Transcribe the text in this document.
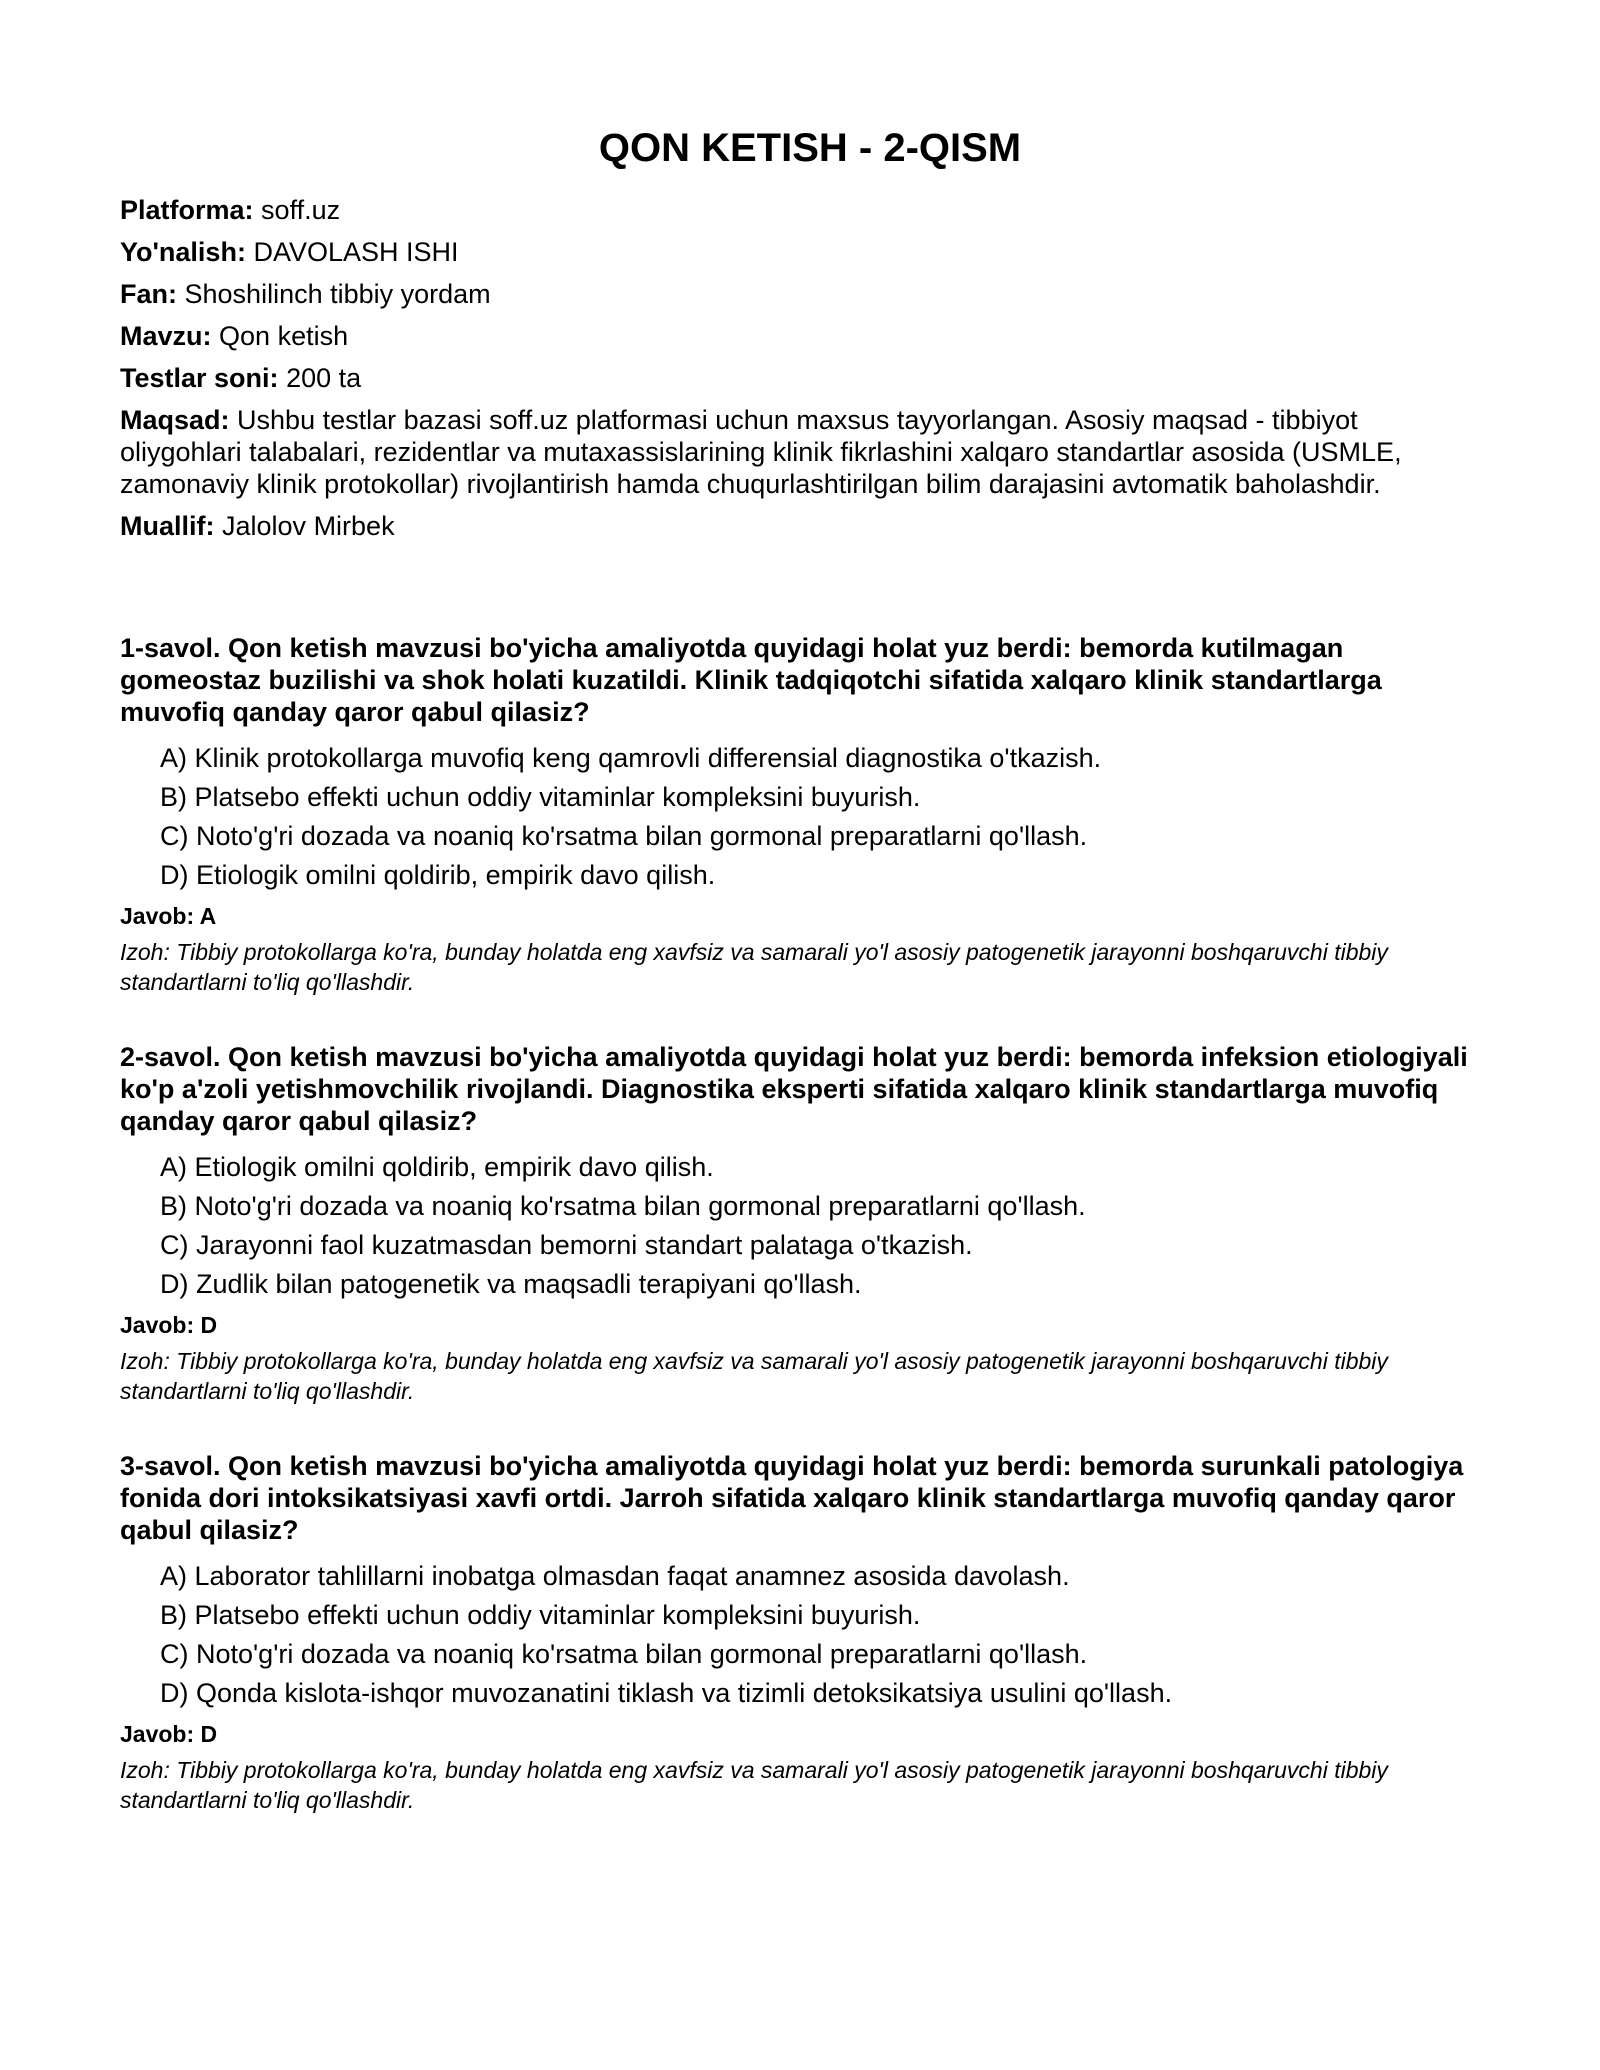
QON KETISH - 2-QISM

Platforma: soff.uz

Yo'nalish: DAVOLASH ISHI

Fan: Shoshilinch tibbiy yordam

Mavzu: Qon ketish

Testlar soni: 200 ta

Maqsad: Ushbu testlar bazasi soff.uz platformasi uchun maxsus tayyorlangan. Asosiy maqsad - tibbiyot oliygohlari talabalari, rezidentlar va mutaxassislarining klinik fikrlashini xalqaro standartlar asosida (USMLE, zamonaviy klinik protokollar) rivojlantirish hamda chuqurlashtirilgan bilim darajasini avtomatik baholashdir.

Muallif: Jalolov Mirbek

1-savol. Qon ketish mavzusi bo'yicha amaliyotda quyidagi holat yuz berdi: bemorda kutilmagan gomeostaz buzilishi va shok holati kuzatildi. Klinik tadqiqotchi sifatida xalqaro klinik standartlarga muvofiq qanday qaror qabul qilasiz?

A) Klinik protokollarga muvofiq keng qamrovli differensial diagnostika o'tkazish.
B) Platsebo effekti uchun oddiy vitaminlar kompleksini buyurish.
C) Noto'g'ri dozada va noaniq ko'rsatma bilan gormonal preparatlarni qo'llash.
D) Etiologik omilni qoldirib, empirik davo qilish.

Javob: A

Izoh: Tibbiy protokollarga ko'ra, bunday holatda eng xavfsiz va samarali yo'l asosiy patogenetik jarayonni boshqaruvchi tibbiy standartlarni to'liq qo'llashdir.

2-savol. Qon ketish mavzusi bo'yicha amaliyotda quyidagi holat yuz berdi: bemorda infeksion etiologiyali ko'p a'zoli yetishmovchilik rivojlandi. Diagnostika eksperti sifatida xalqaro klinik standartlarga muvofiq qanday qaror qabul qilasiz?

A) Etiologik omilni qoldirib, empirik davo qilish.
B) Noto'g'ri dozada va noaniq ko'rsatma bilan gormonal preparatlarni qo'llash.
C) Jarayonni faol kuzatmasdan bemorni standart palataga o'tkazish.
D) Zudlik bilan patogenetik va maqsadli terapiyani qo'llash.

Javob: D

Izoh: Tibbiy protokollarga ko'ra, bunday holatda eng xavfsiz va samarali yo'l asosiy patogenetik jarayonni boshqaruvchi tibbiy standartlarni to'liq qo'llashdir.

3-savol. Qon ketish mavzusi bo'yicha amaliyotda quyidagi holat yuz berdi: bemorda surunkali patologiya fonida dori intoksikatsiyasi xavfi ortdi. Jarroh sifatida xalqaro klinik standartlarga muvofiq qanday qaror qabul qilasiz?

A) Laborator tahlillarni inobatga olmasdan faqat anamnez asosida davolash.
B) Platsebo effekti uchun oddiy vitaminlar kompleksini buyurish.
C) Noto'g'ri dozada va noaniq ko'rsatma bilan gormonal preparatlarni qo'llash.
D) Qonda kislota-ishqor muvozanatini tiklash va tizimli detoksikatsiya usulini qo'llash.

Javob: D

Izoh: Tibbiy protokollarga ko'ra, bunday holatda eng xavfsiz va samarali yo'l asosiy patogenetik jarayonni boshqaruvchi tibbiy standartlarni to'liq qo'llashdir.
